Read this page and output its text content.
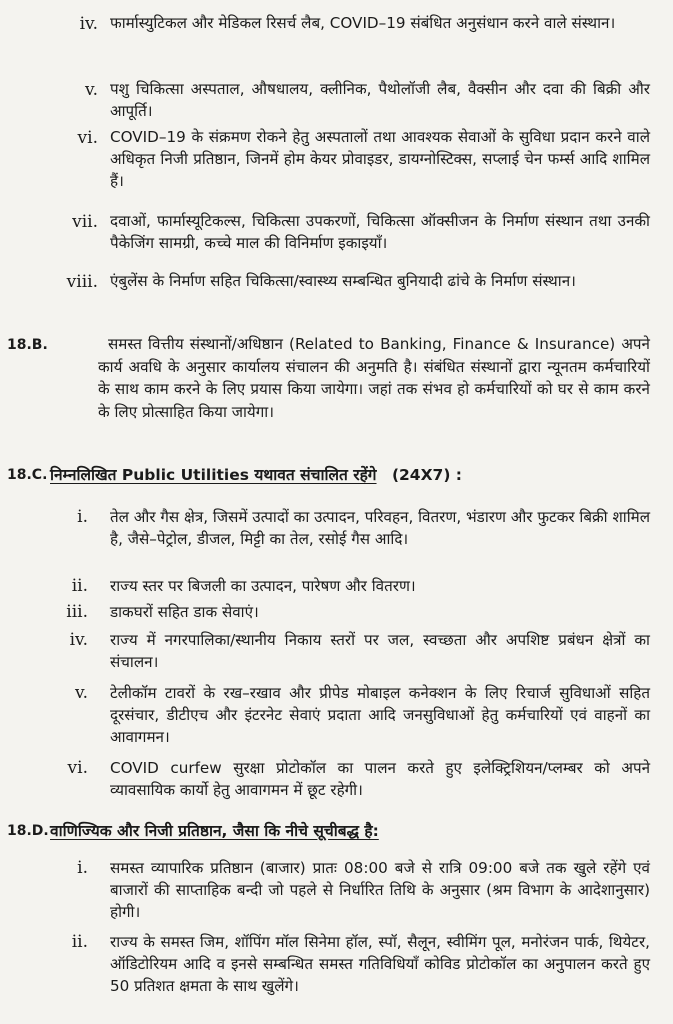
iv. फार्मास्युटिकल और मेडिकल रिसर्च लैब, COVID–19 संबंधित अनुसंधान करने वाले संस्थान।
v. पशु चिकित्सा अस्पताल, औषधालय, क्लीनिक, पैथोलॉजी लैब, वैक्सीन और दवा की बिक्री और आपूर्ति।
vi. COVID–19 के संक्रमण रोकने हेतु अस्पतालों तथा आवश्यक सेवाओं के सुविधा प्रदान करने वाले अधिकृत निजी प्रतिष्ठान, जिनमें होम केयर प्रोवाइडर, डायग्नोस्टिक्स, सप्लाई चेन फर्म्स आदि शामिल हैं।
vii. दवाओं, फार्मास्यूटिकल्स, चिकित्सा उपकरणों, चिकित्सा ऑक्सीजन के निर्माण संस्थान तथा उनकी पैकेजिंग सामग्री, कच्चे माल की विनिर्माण इकाइयाँ।
viii. एंबुलेंस के निर्माण सहित चिकित्सा/स्वास्थ्य सम्बन्धित बुनियादी ढांचे के निर्माण संस्थान।
18.B.	समस्त वित्तीय संस्थानों/अधिष्ठान (Related to Banking, Finance & Insurance) अपने कार्य अवधि के अनुसार कार्यालय संचालन की अनुमति है। संबंधित संस्थानों द्वारा न्यूनतम कर्मचारियों के साथ काम करने के लिए प्रयास किया जायेगा। जहां तक संभव हो कर्मचारियों को घर से काम करने के लिए प्रोत्साहित किया जायेगा।
18.C. निम्नलिखित Public Utilities यथावत संचालित रहेंगे (24X7) :
i. तेल और गैस क्षेत्र, जिसमें उत्पादों का उत्पादन, परिवहन, वितरण, भंडारण और फुटकर बिक्री शामिल है, जैसे–पेट्रोल, डीजल, मिट्टी का तेल, रसोई गैस आदि।
ii. राज्य स्तर पर बिजली का उत्पादन, पारेषण और वितरण।
iii. डाकघरों सहित डाक सेवाएं।
iv. राज्य में नगरपालिका/स्थानीय निकाय स्तरों पर जल, स्वच्छता और अपशिष्ट प्रबंधन क्षेत्रों का संचालन।
v. टेलीकॉम टावरों के रख–रखाव और प्रीपेड मोबाइल कनेक्शन के लिए रिचार्ज सुविधाओं सहित दूरसंचार, डीटीएच और इंटरनेट सेवाएं प्रदाता आदि जनसुविधाओं हेतु कर्मचारियों एवं वाहनों का आवागमन।
vi. COVID curfew सुरक्षा प्रोटोकॉल का पालन करते हुए इलेक्ट्रिशियन/प्लम्बर को अपने व्यावसायिक कार्यो हेतु आवागमन में छूट रहेगी।
18.D. वाणिज्यिक और निजी प्रतिष्ठान, जैसा कि नीचे सूचीबद्ध है:
i. समस्त व्यापारिक प्रतिष्ठान (बाजार) प्रातः 08:00 बजे से रात्रि 09:00 बजे तक खुले रहेंगे एवं बाजारों की साप्ताहिक बन्दी जो पहले से निर्धारित तिथि के अनुसार (श्रम विभाग के आदेशानुसार) होगी।
ii. राज्य के समस्त जिम, शॉपिंग मॉल सिनेमा हॉल, स्पॉ, सैलून, स्वीमिंग पूल, मनोरंजन पार्क, थियेटर, ऑडिटोरियम आदि व इनसे सम्बन्धित समस्त गतिविधियाँ कोविड प्रोटोकॉल का अनुपालन करते हुए 50 प्रतिशत क्षमता के साथ खुलेंगे।
